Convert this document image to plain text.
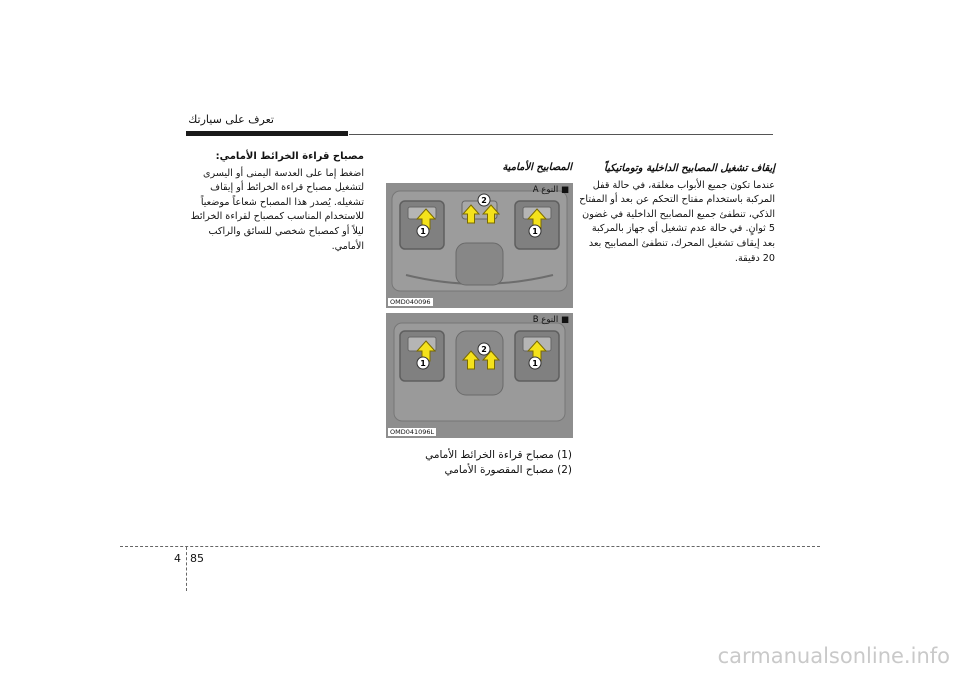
تعرف على سيارتك
إيقاف تشغيل المصابيح الداخلية وتوماتيكياً

عندما تكون جميع الأبواب مغلقة، في حالة قفل المركبة باستخدام مفتاح التحكم عن بعد أو المفتاح الذكي، تنطفئ جميع المصابيح الداخلية في غضون 5 ثوانٍ. في حالة عدم تشغيل أي جهاز بالمركبة بعد إيقاف تشغيل المحرك، تنطفئ المصابيح بعد 20 دقيقة.

المصابيح الأمامية
1	1
2
■ النوع A
OMD040096
1	1
2
■ النوع B
OMD041096L

(1) مصباح قراءة الخرائط الأمامي

(2) مصباح المقصورة الأمامي

مصباح قراءة الخرائط الأمامي:

اضغط إما على العدسة اليمنى أو اليسرى لتشغيل مصباح قراءة الخرائط أو إيقاف تشغيله. يُصدر هذا المصباح شعاعاً موضعياً للاستخدام المناسب كمصباح لقراءة الخرائط ليلاً أو كمصباح شخصي للسائق والراكب الأمامي.

85
4
carmanualsonline.info
